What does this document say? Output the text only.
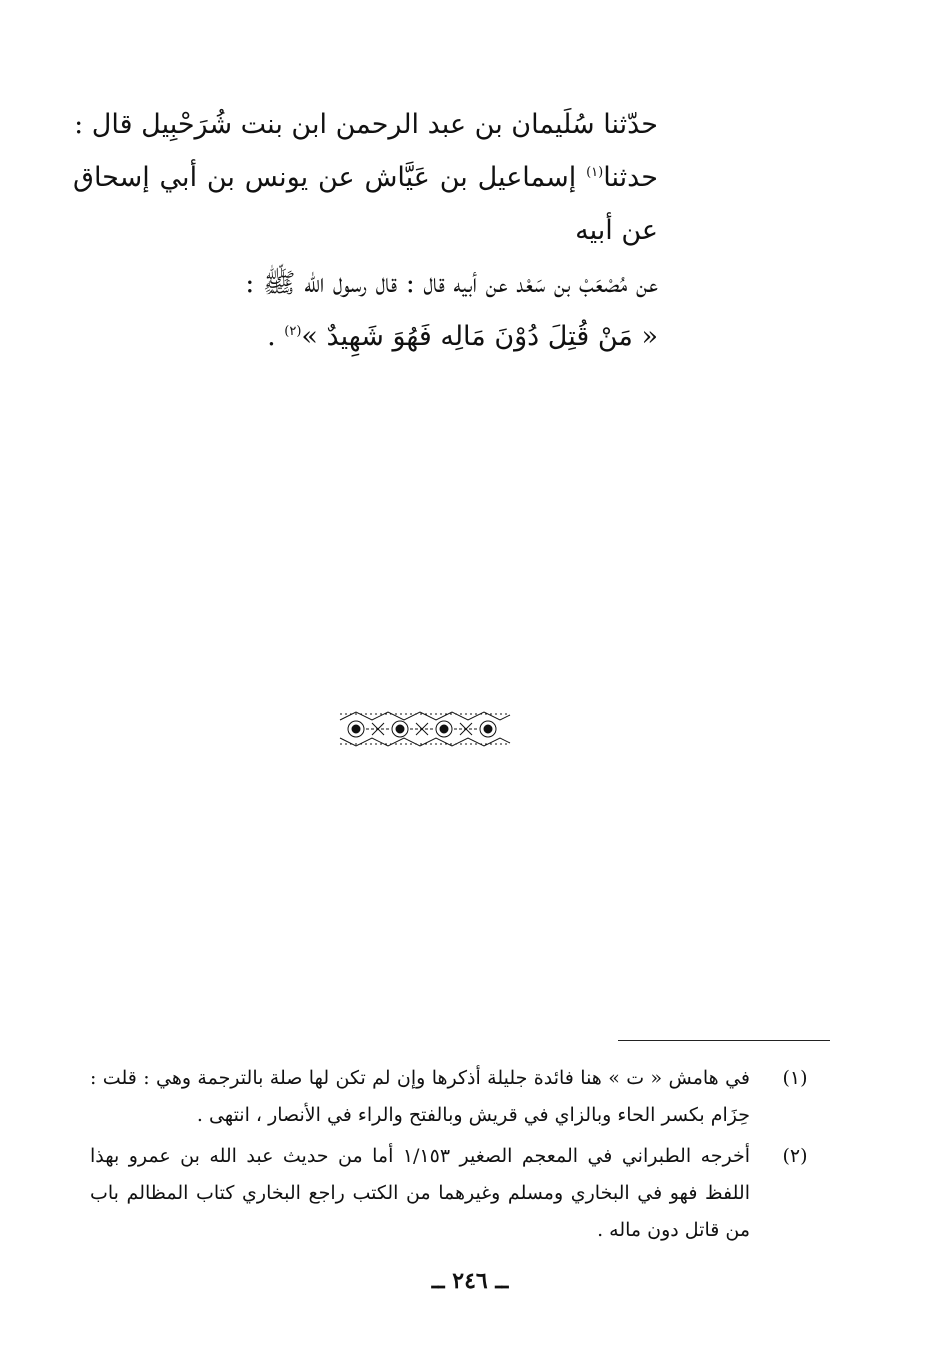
حدّثنا سُلَيمان بن عبد الرحمن ابن بنت شُرَحْبِيل قال :

حدثنا$^{(١)}$ إسماعيل بن عَيَّاش عن يونس بن أبي إسحاق عن أبيه

عن مُصْعَبْ بن سَعْد عن أبيه قال : قال رسول الله ﷺ :

« مَنْ قُتِلَ دُوْنَ مَالِه فَهُوَ شَهِيدٌ »$^{(٢)}$ .

(١)
في هامش « ت » هنا فائدة جليلة أذكرها وإن لم تكن لها صلة بالترجمة وهي : قلت : حِزَام بكسر الحاء وبالزاي في قريش وبالفتح والراء في الأنصار ، انتهى .
(٢)
أخرجه الطبراني في المعجم الصغير ١/١٥٣ أما من حديث عبد الله بن عمرو بهذا اللفظ فهو في البخاري ومسلم وغيرهما من الكتب راجع البخاري كتاب المظالم باب من قاتل دون ماله .
ــ ٢٤٦ ــ
